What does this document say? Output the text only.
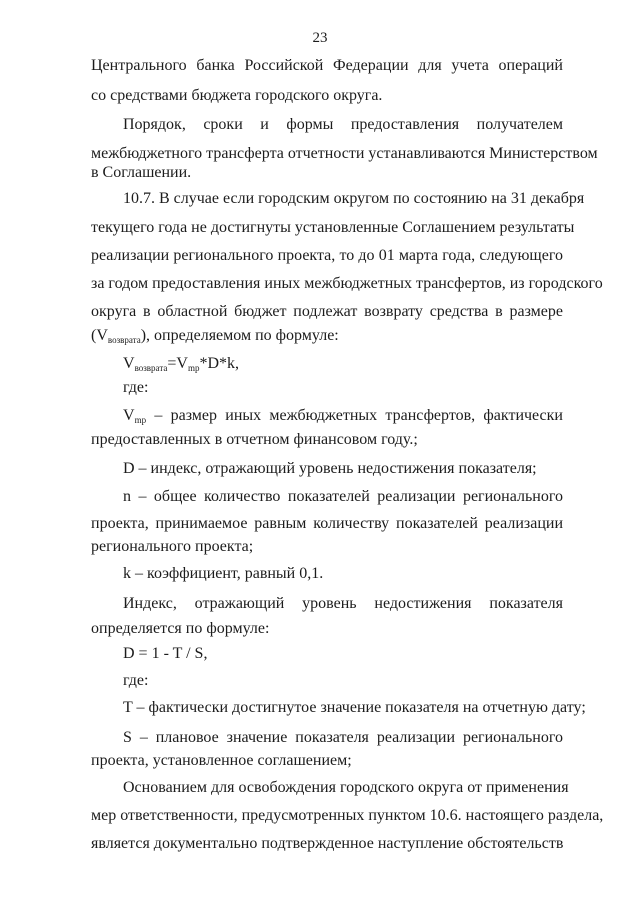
23

Центрального банка Российской Федерации для учета операций

со средствами бюджета городского округа.

Порядок, сроки и формы предоставления получателем

межбюджетного трансферта отчетности устанавливаются Министерством

в Соглашении.

10.7. В случае если городским округом по состоянию на 31 декабря

текущего года не достигнуты установленные Соглашением результаты

реализации регионального проекта, то до 01 марта года, следующего

за годом предоставления иных межбюджетных трансфертов, из городского

округа в областной бюджет подлежат возврату средства в размере

$(V_{возврата})$, определяемом по формуле:

$V_{возврата}=V_{mp}*D*k$,

где:

$V_{mp}$ – размер иных межбюджетных трансфертов, фактически

предоставленных в отчетном финансовом году.;

D – индекс, отражающий уровень недостижения показателя;

n – общее количество показателей реализации регионального

проекта, принимаемое равным количеству показателей реализации

регионального проекта;

k – коэффициент, равный 0,1.

Индекс, отражающий уровень недостижения показателя

определяется по формуле:

D = 1 - T / S,

где:

T – фактически достигнутое значение показателя на отчетную дату;

S – плановое значение показателя реализации регионального

проекта, установленное соглашением;

Основанием для освобождения городского округа от применения

мер ответственности, предусмотренных пунктом 10.6. настоящего раздела,

является документально подтвержденное наступление обстоятельств
